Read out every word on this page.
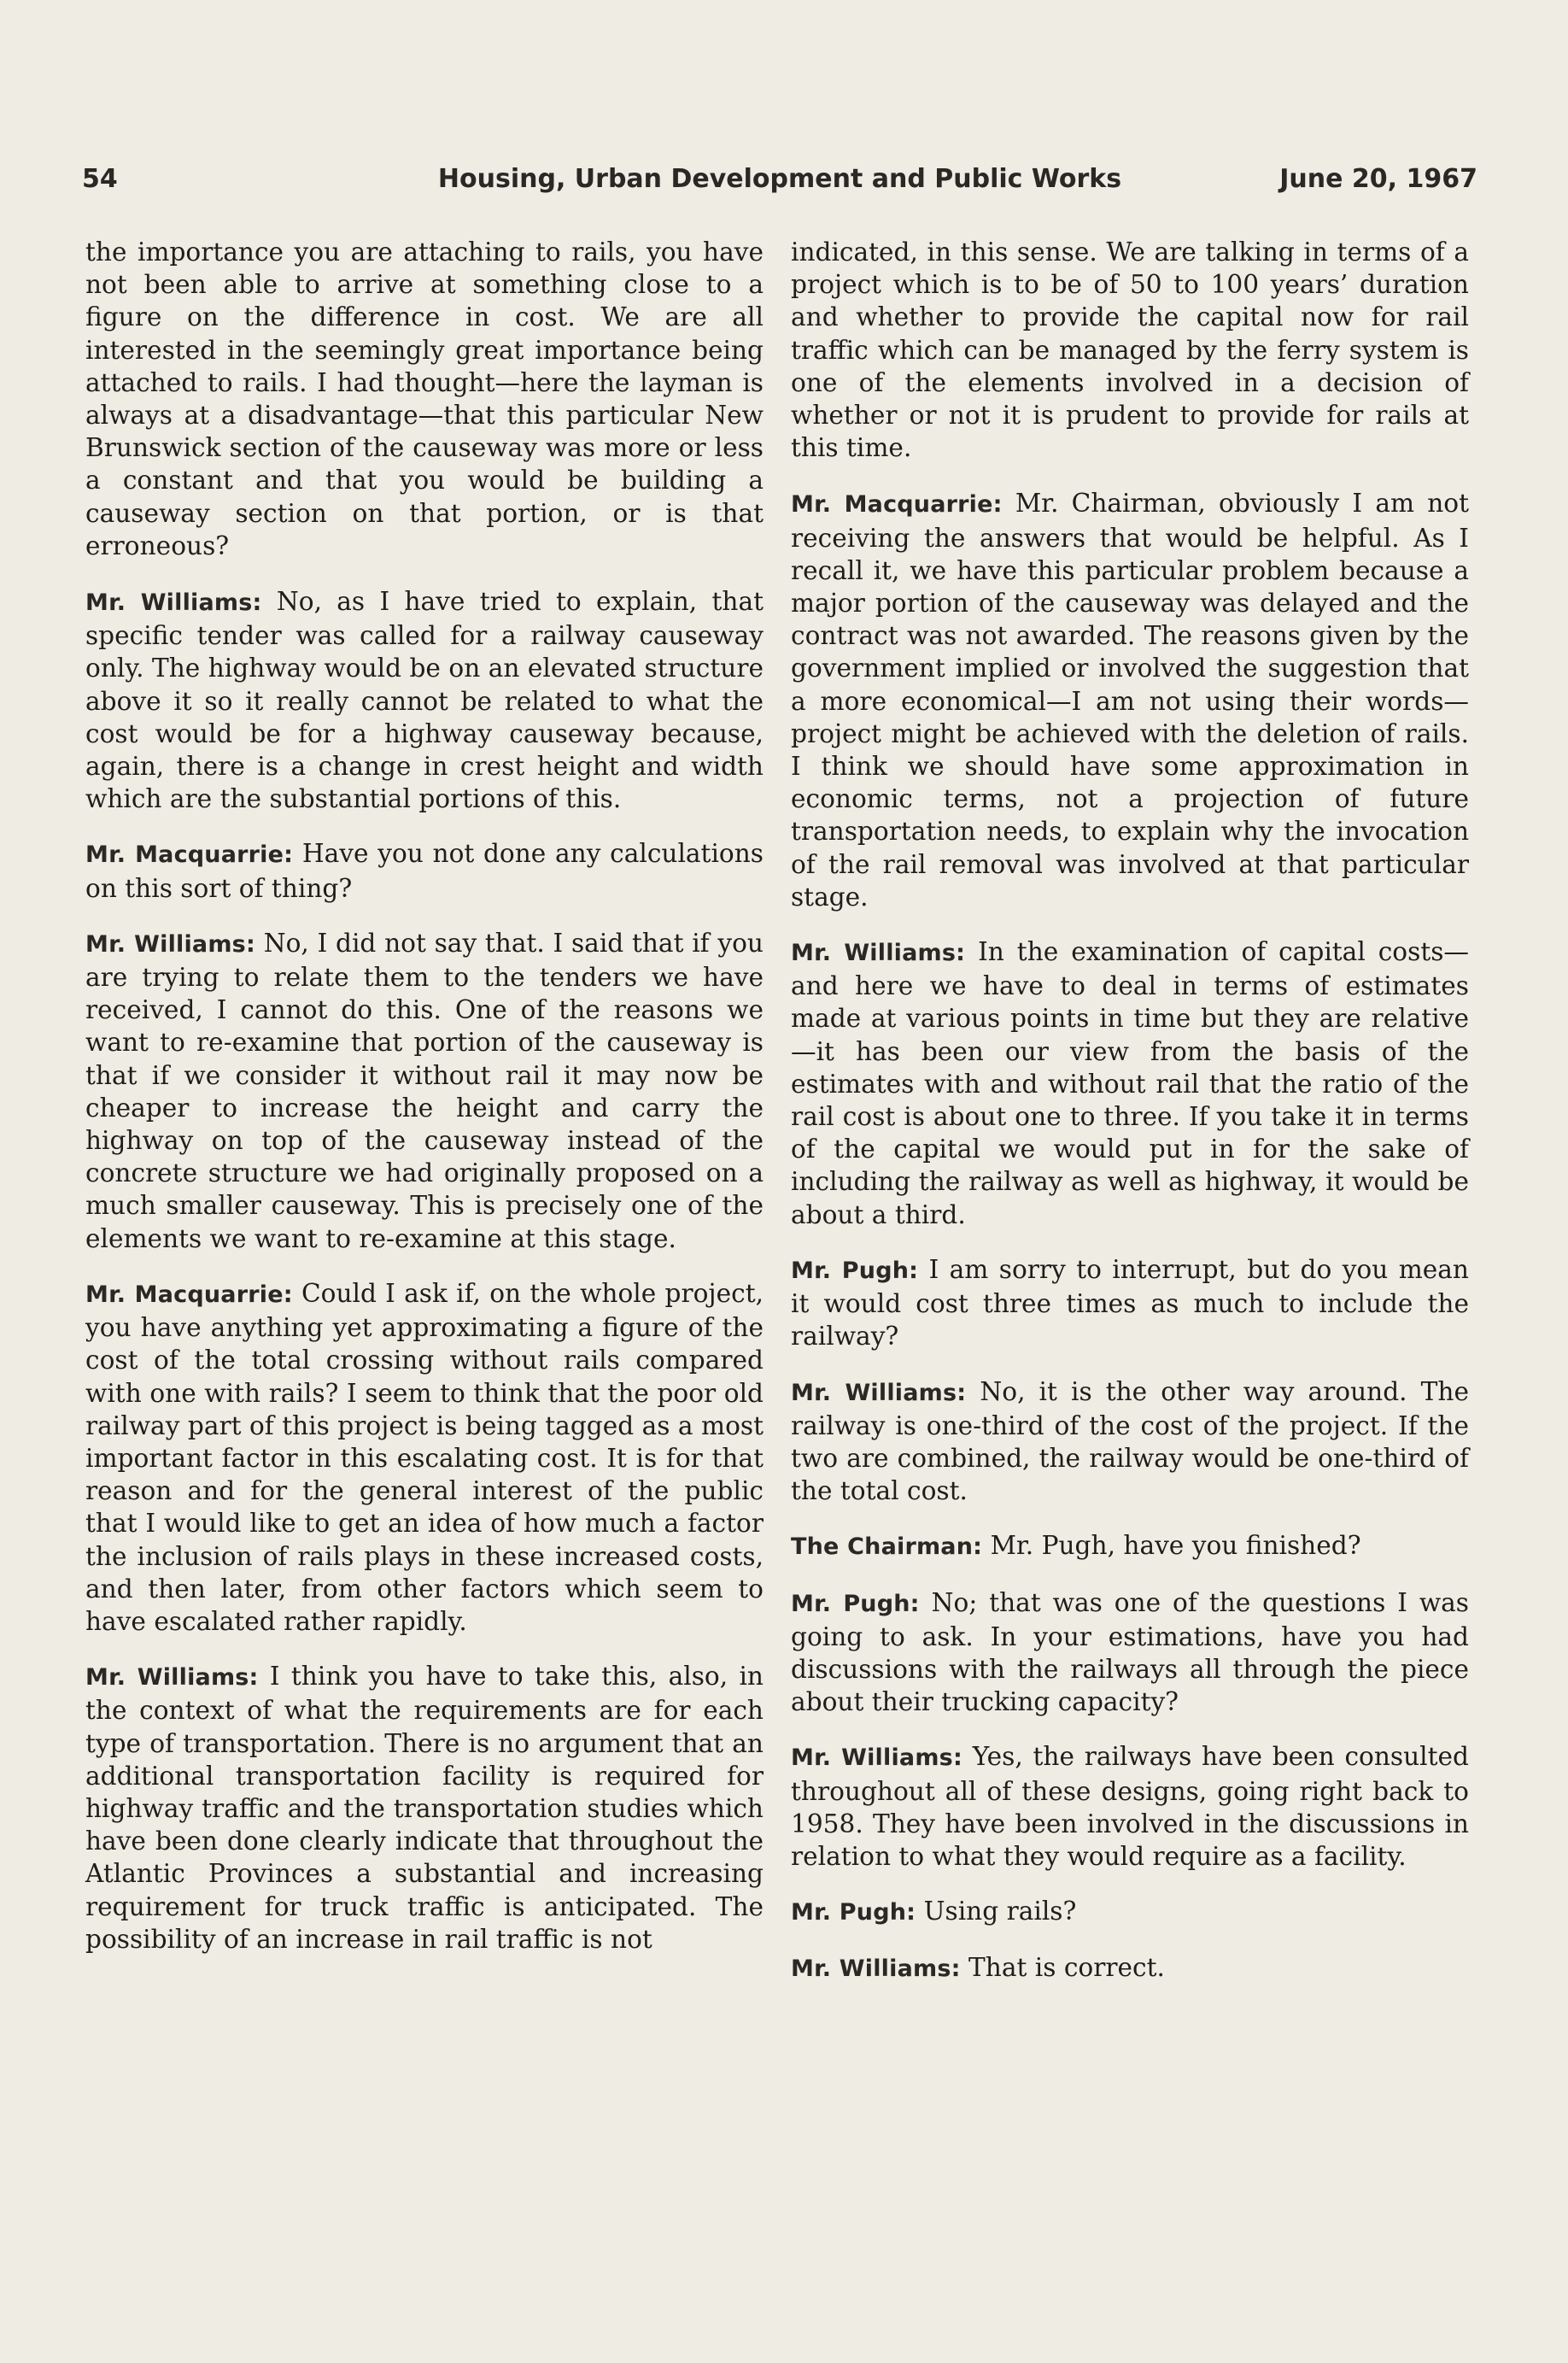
54	Housing, Urban Development and Public Works	June 20, 1967

the importance you are attaching to rails, you have not been able to arrive at something close to a figure on the difference in cost. We are all interested in the seemingly great importance being attached to rails. I had thought—here the layman is always at a disadvantage—that this particular New Brunswick section of the causeway was more or less a constant and that you would be building a causeway section on that portion, or is that erroneous?

Mr. Williams: No, as I have tried to explain, that specific tender was called for a railway causeway only. The highway would be on an elevated structure above it so it really cannot be related to what the cost would be for a highway causeway because, again, there is a change in crest height and width which are the substantial portions of this.

Mr. Macquarrie: Have you not done any calculations on this sort of thing?

Mr. Williams: No, I did not say that. I said that if you are trying to relate them to the tenders we have received, I cannot do this. One of the reasons we want to re-examine that portion of the causeway is that if we consider it without rail it may now be cheaper to increase the height and carry the highway on top of the causeway instead of the concrete structure we had originally proposed on a much smaller causeway. This is precisely one of the elements we want to re-examine at this stage.

Mr. Macquarrie: Could I ask if, on the whole project, you have anything yet approximating a figure of the cost of the total crossing without rails compared with one with rails? I seem to think that the poor old railway part of this project is being tagged as a most important factor in this escalating cost. It is for that reason and for the general interest of the public that I would like to get an idea of how much a factor the inclusion of rails plays in these increased costs, and then later, from other factors which seem to have escalated rather rapidly.

Mr. Williams: I think you have to take this, also, in the context of what the requirements are for each type of transportation. There is no argument that an additional transportation facility is required for highway traffic and the transportation studies which have been done clearly indicate that throughout the Atlantic Provinces a substantial and increasing requirement for truck traffic is anticipated. The possibility of an increase in rail traffic is not

indicated, in this sense. We are talking in terms of a project which is to be of 50 to 100 years’ duration and whether to provide the capital now for rail traffic which can be managed by the ferry system is one of the elements involved in a decision of whether or not it is prudent to provide for rails at this time.

Mr. Macquarrie: Mr. Chairman, obviously I am not receiving the answers that would be helpful. As I recall it, we have this particular problem because a major portion of the causeway was delayed and the contract was not awarded. The reasons given by the government implied or involved the suggestion that a more economical—I am not using their words—project might be achieved with the deletion of rails. I think we should have some approximation in economic terms, not a projection of future transportation needs, to explain why the invocation of the rail removal was involved at that particular stage.

Mr. Williams: In the examination of capital costs—and here we have to deal in terms of estimates made at various points in time but they are relative—it has been our view from the basis of the estimates with and without rail that the ratio of the rail cost is about one to three. If you take it in terms of the capital we would put in for the sake of including the railway as well as highway, it would be about a third.

Mr. Pugh: I am sorry to interrupt, but do you mean it would cost three times as much to include the railway?

Mr. Williams: No, it is the other way around. The railway is one-third of the cost of the project. If the two are combined, the railway would be one-third of the total cost.

The Chairman: Mr. Pugh, have you finished?

Mr. Pugh: No; that was one of the questions I was going to ask. In your estimations, have you had discussions with the railways all through the piece about their trucking capacity?

Mr. Williams: Yes, the railways have been consulted throughout all of these designs, going right back to 1958. They have been involved in the discussions in relation to what they would require as a facility.

Mr. Pugh: Using rails?

Mr. Williams: That is correct.
